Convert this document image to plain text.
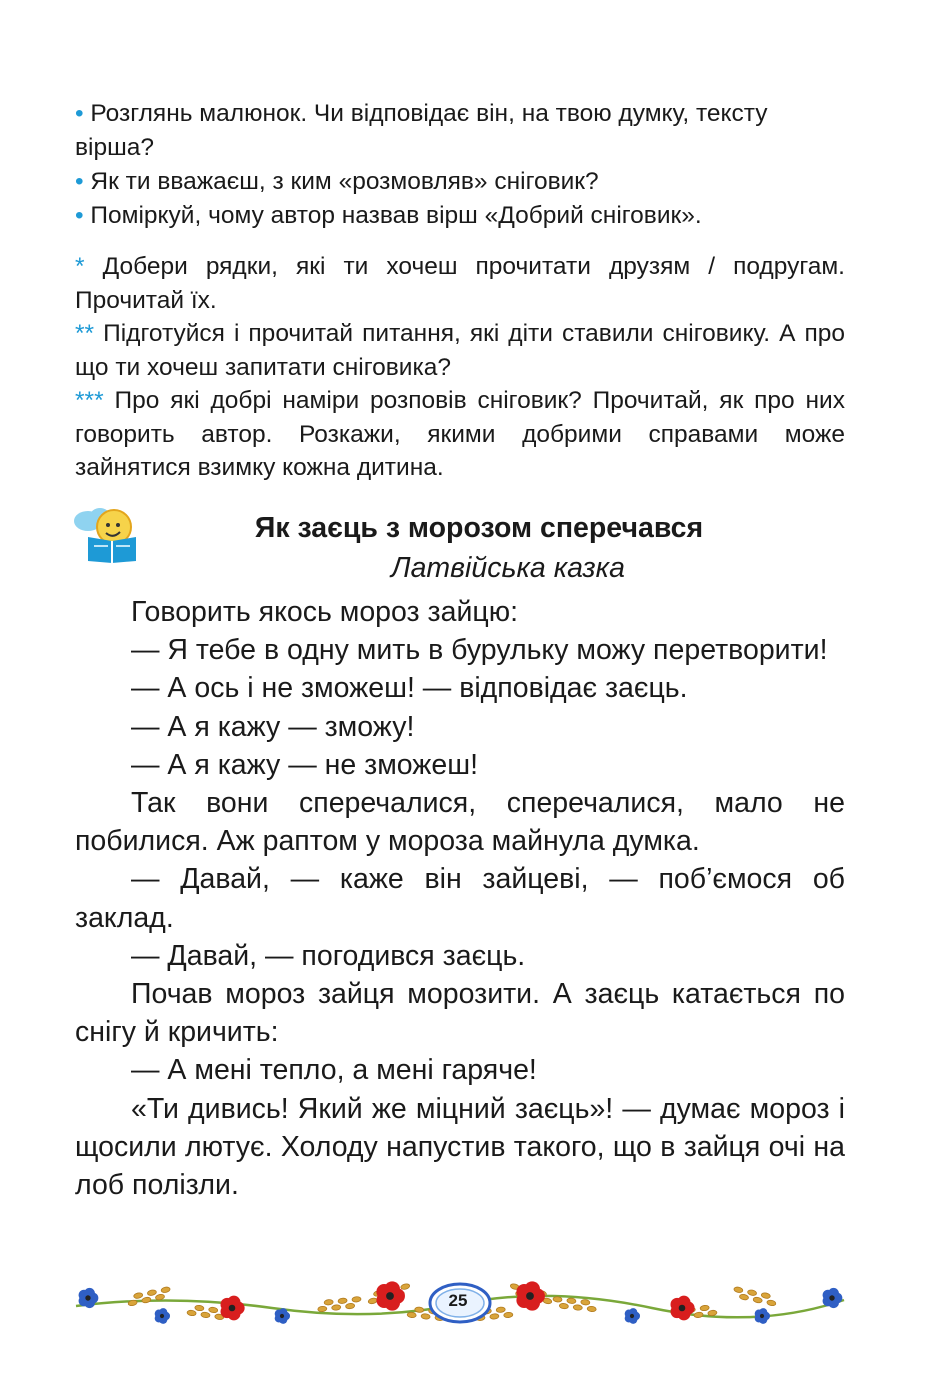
• Розглянь малюнок. Чи відповідає він, на твою думку, тексту вірша?

• Як ти вважаєш, з ким «розмовляв» сніговик?

• Поміркуй, чому автор назвав вірш «Добрий сніговик».

* Добери рядки, які ти хочеш прочитати друзям / подругам. Прочитай їх.

** Підготуйся і прочитай питання, які діти ставили сніговику. А про що ти хочеш запитати сніговика?

*** Про які добрі наміри розповів сніговик? Прочитай, як про них говорить автор. Розкажи, якими добрими справами може зайнятися взимку кожна дитина.

Як заєць з морозом сперечався
Латвійська казка

Говорить якось мороз зайцю:

— Я тебе в одну мить в бурульку можу перетворити!

— А ось і не зможеш! — відповідає заєць.

— А я кажу — зможу!

— А я кажу — не зможеш!

Так вони сперечалися, сперечалися, мало не побилися. Аж раптом у мороза майнула думка.

— Давай, — каже він зайцеві, — поб’ємося об заклад.

— Давай, — погодився заєць.

Почав мороз зайця морозити. А заєць катається по снігу й кричить:

— А мені тепло, а мені гаряче!

«Ти дивись! Який же міцний заєць»! — думає мороз і щосили лютує. Холоду напустив такого, що в зайця очі на лоб полізли.

25
